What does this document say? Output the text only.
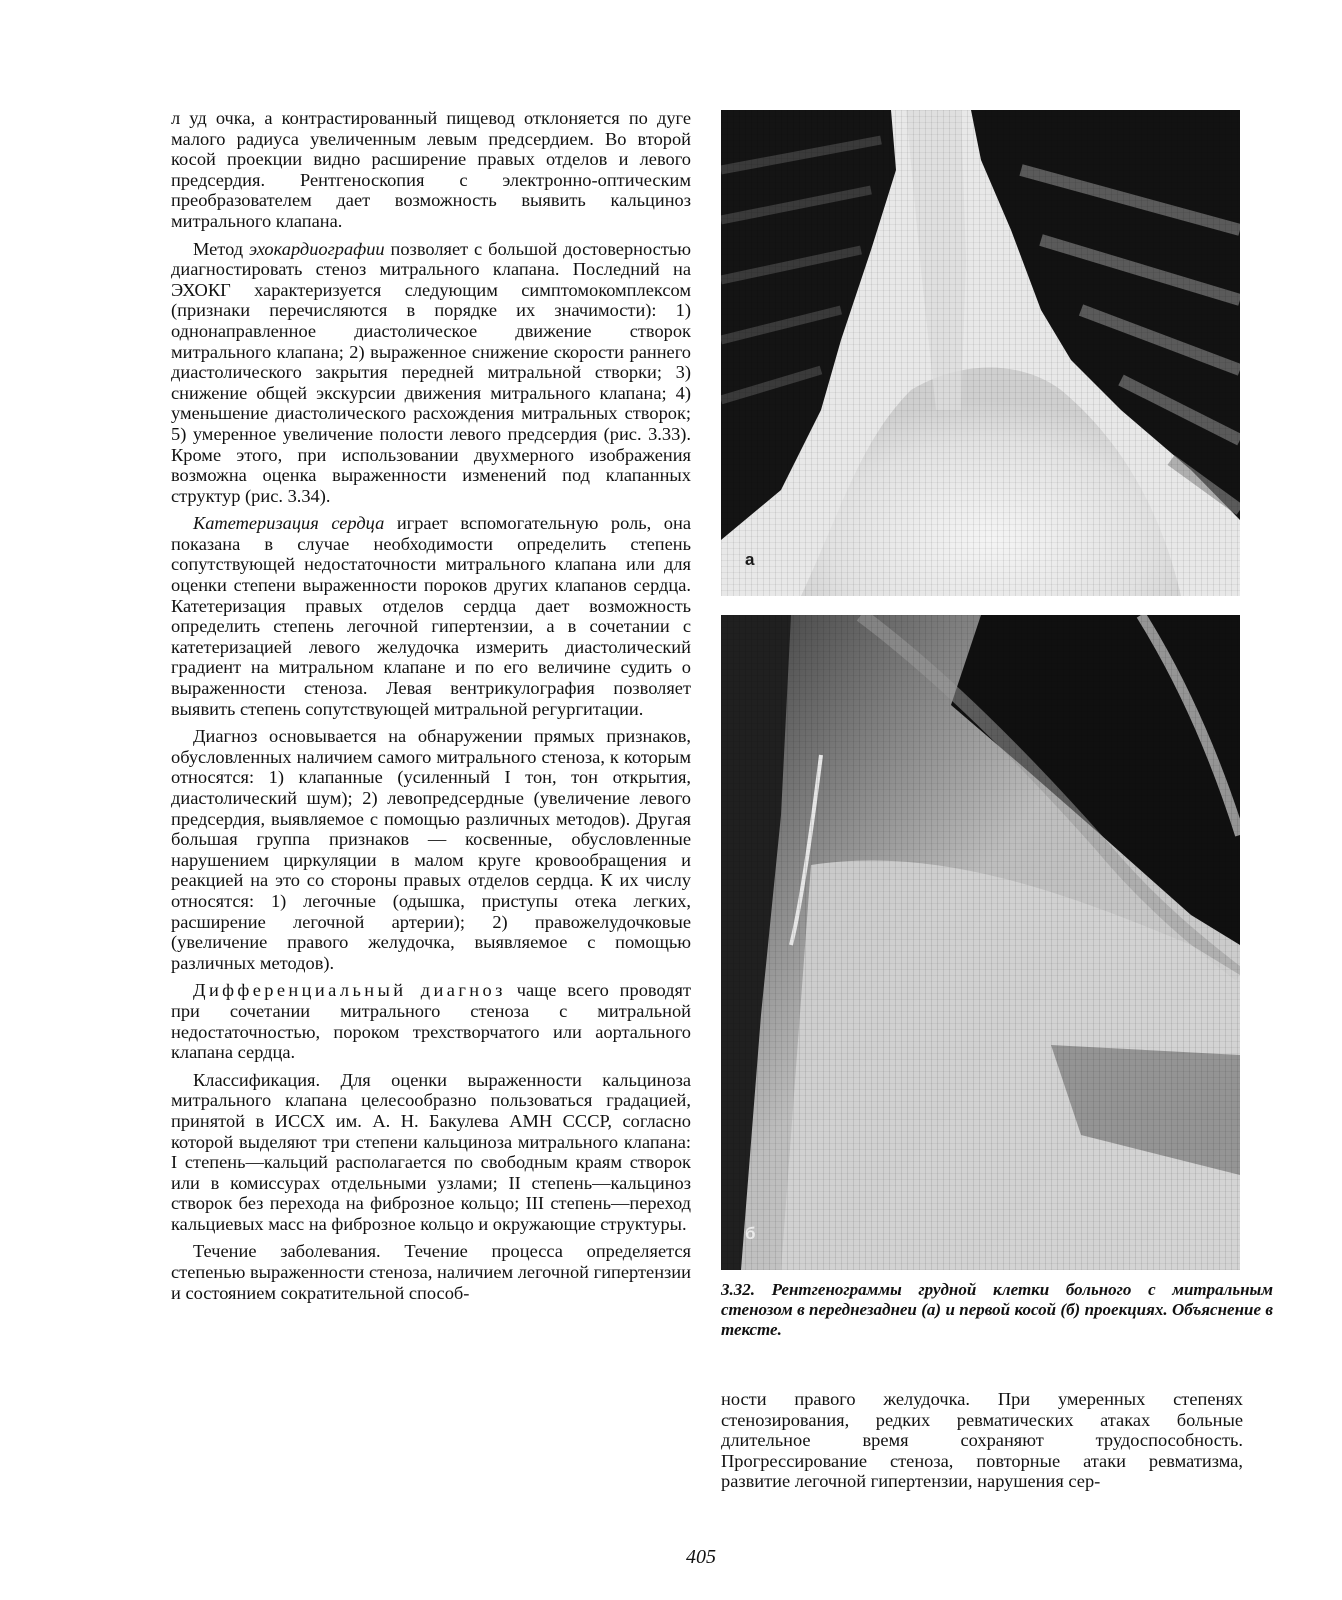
л уд очка, а контрастированный пищевод отклоняется по дуге малого радиуса увеличенным левым предсердием. Во второй косой проекции видно расширение правых отделов и левого предсердия. Рентгеноскопия с электронно-оптическим преобразователем дает возможность выявить кальциноз митрального клапана.

Метод эхокардиографии позволяет с большой достоверностью диагностировать стеноз митрального клапана. Последний на ЭХОКГ характеризуется следующим симптомокомплексом (признаки перечисляются в порядке их значимости): 1) однонаправленное диастолическое движение створок митрального клапана; 2) выраженное снижение скорости раннего диастолического закрытия передней митральной створки; 3) снижение общей экскурсии движения митрального клапана; 4) уменьшение диастолического расхождения митральных створок; 5) умеренное увеличение полости левого предсердия (рис. 3.33). Кроме этого, при использовании двухмерного изображения возможна оценка выраженности изменений под клапанных структур (рис. 3.34).

Катетеризация сердца играет вспомогательную роль, она показана в случае необходимости определить степень сопутствующей недостаточности митрального клапана или для оценки степени выраженности пороков других клапанов сердца. Катетеризация правых отделов сердца дает возможность определить степень легочной гипертензии, а в сочетании с катетеризацией левого желудочка измерить диастолический градиент на митральном клапане и по его величине судить о выраженности стеноза. Левая вентрикулография позволяет выявить степень сопутствующей митральной регургитации.

Диагноз основывается на обнаружении прямых признаков, обусловленных наличием самого митрального стеноза, к которым относятся: 1) клапанные (усиленный I тон, тон открытия, диастолический шум); 2) левопредсердные (увеличение левого предсердия, выявляемое с помощью различных методов). Другая большая группа признаков — косвенные, обусловленные нарушением циркуляции в малом круге кровообращения и реакцией на это со стороны правых отделов сердца. К их числу относятся: 1) легочные (одышка, приступы отека легких, расширение легочной артерии); 2) правожелудочковые (увеличение правого желудочка, выявляемое с помощью различных методов).

Дифференциальный диагноз чаще всего проводят при сочетании митрального стеноза с митральной недостаточностью, пороком трехстворчатого или аортального клапана сердца.

Классификация. Для оценки выраженности кальциноза митрального клапана целесообразно пользоваться градацией, принятой в ИССХ им. А. Н. Бакулева АМН СССР, согласно которой выделяют три степени кальциноза митрального клапана: I степень—кальций располагается по свободным краям створок или в комиссурах отдельными узлами; II степень—кальциноз створок без перехода на фиброзное кольцо; III степень—переход кальциевых масс на фиброзное кольцо и окружающие структуры.

Течение заболевания. Течение процесса определяется степенью выраженности стеноза, наличием легочной гипертензии и состоянием сократительной способ-

а
б
3.32. Рентгенограммы грудной клетки больного с митральным стенозом в переднезаднеи (а) и первой косой (б) проекциях. Объяснение в тексте.

ности правого желудочка. При умеренных степенях стенозирования, редких ревматических атаках больные длительное время сохраняют трудоспособность. Прогрессирование стеноза, повторные атаки ревматизма, развитие легочной гипертензии, нарушения сер-

405
